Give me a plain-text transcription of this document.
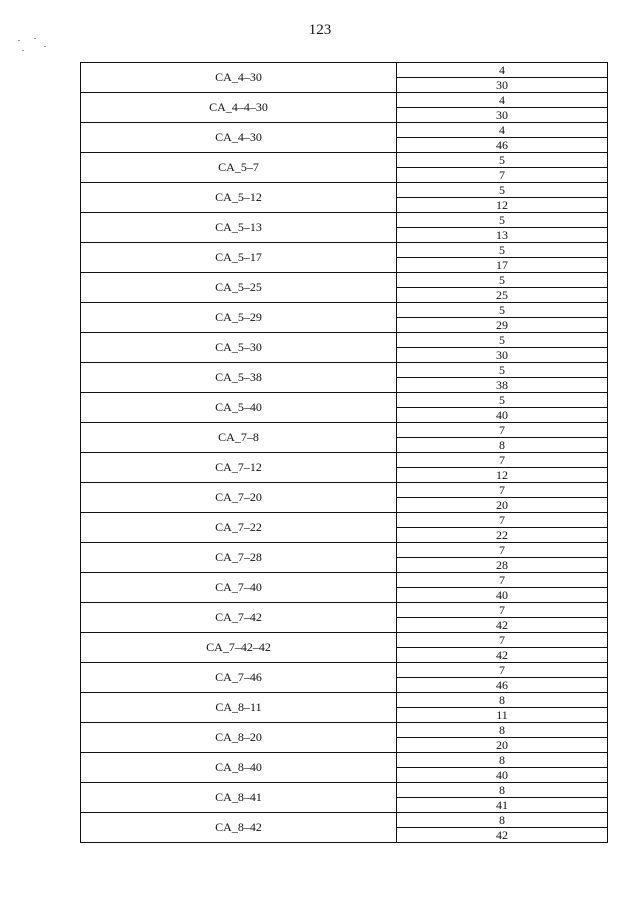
123
CA_4–30	4
	30
CA_4–4–30	4
	30
CA_4–30	4
	46
CA_5–7	5
	7
CA_5–12	5
	12
CA_5–13	5
	13
CA_5–17	5
	17
CA_5–25	5
	25
CA_5–29	5
	29
CA_5–30	5
	30
CA_5–38	5
	38
CA_5–40	5
	40
CA_7–8	7
	8
CA_7–12	7
	12
CA_7–20	7
	20
CA_7–22	7
	22
CA_7–28	7
	28
CA_7–40	7
	40
CA_7–42	7
	42
CA_7–42–42	7
	42
CA_7–46	7
	46
CA_8–11	8
	11
CA_8–20	8
	20
CA_8–40	8
	40
CA_8–41	8
	41
CA_8–42	8
	42
